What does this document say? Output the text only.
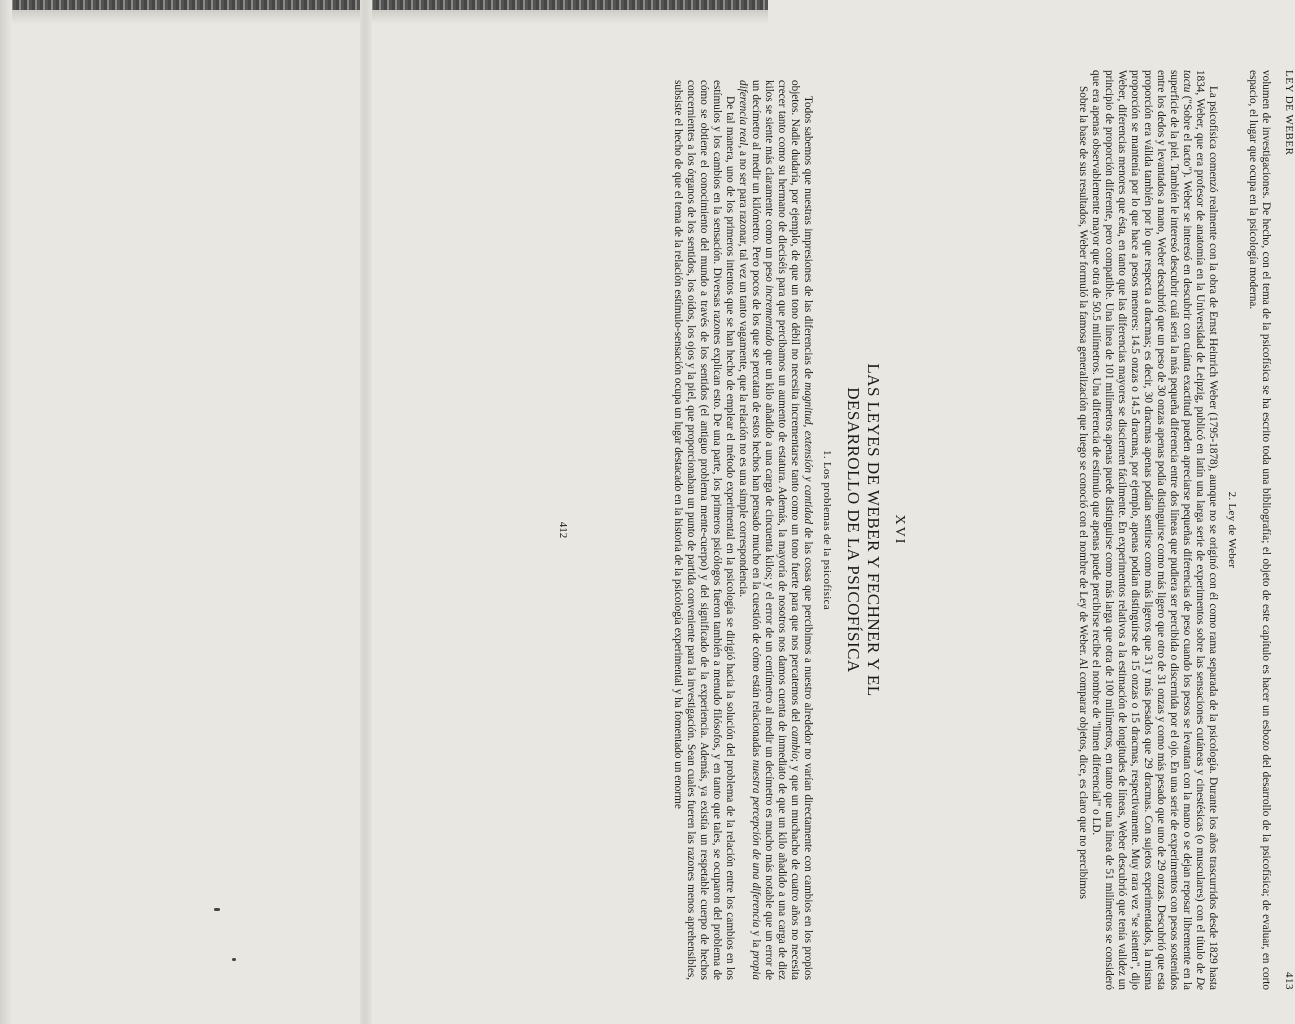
XVI
LAS LEYES DE WEBER Y FECHNER Y EL
DESARROLLO DE LA PSICOFÍSICA
1. Los problemas de la psicofísica

Todos sabemos que nuestras impresiones de las diferencias de magnitud, extensión y cantidad de las cosas que percibimos a nuestro alrededor no varían directamente con cambios en los propios objetos. Nadie dudaría, por ejemplo, de que un tono débil no necesita incrementarse tanto como un tono fuerte para que nos percatemos del cambio; y que un muchacho de cuatro años no necesita crecer tanto como su hermano de dieciséis para que percibamos un aumento de estatura. Además, la mayoría de nosotros nos damos cuenta de inmediato de que un kilo añadido a una carga de diez kilos se siente más claramente como un peso incrementado que un kilo añadido a una carga de cincuenta kilos; y el error de un centímetro al medir un decímetro es mucho más notable que un error de un decímetro al medir un kilómetro. Pero pocos de los que se percatan de estos hechos han pensado mucho en la cuestión de cómo están relacionadas nuestra percepción de una diferencia y la propia diferencia real, a no ser para razonar, tal vez un tanto vagamente, que la relación no es una simple correspondencia.

De tal manera, uno de los primeros intentos que se han hecho de emplear el método experimental en la psicología se dirigió hacia la solución del problema de la relación entre los cambios en los estímulos y los cambios en la sensación. Diversas razones explican esto. De una parte, los primeros psicólogos fueron también a menudo filósofos, y en tanto que tales, se ocuparon del problema de cómo se obtiene el conocimiento del mundo a través de los sentidos (el antiguo problema mente-cuerpo) y del significado de la experiencia. Además, ya existía un respetable cuerpo de hechos concernientes a los órganos de los sentidos, los oídos, los ojos y la piel, que proporcionaban un punto de partida conveniente para la investigación. Sean cuales fueren las razones menos aprehensibles, subsiste el hecho de que el tema de la relación estímulo-sensación ocupa un lugar destacado en la historia de la psicología experimental y ha fomentado un enorme

412
LEY DE WEBER
413

volumen de investigaciones. De hecho, con el tema de la psicofísica se ha escrito toda una bibliografía; el objeto de este capítulo es hacer un esbozo del desarrollo de la psicofísica; de evaluar, en corto espacio, el lugar que ocupa en la psicología moderna.

2. Ley de Weber

La psicofísica comenzó realmente con la obra de Ernst Heinrich Weber (1795-1878), aunque no se originó con él como rama separada de la psicología. Durante los años trascurridos desde 1829 hasta 1834, Weber, que era profesor de anatomía en la Universidad de Leipzig, publicó en latín una larga serie de experimentos sobre las sensaciones cutáneas y cinestésicas (o musculares) con el título de De tactu ("Sobre el tacto"). Weber se interesó en descubrir con cuánta exactitud pueden apreciarse pequeñas diferencias de peso cuando los pesos se levantan con la mano o se dejan reposar libremente en la superficie de la piel. También le interesó descubrir cuál sería la más pequeña diferencia entre dos líneas que pudiera ser percibida o discernida por el ojo. En una serie de experimentos con pesos sostenidos entre los dedos y levantados a mano, Weber descubrió que un peso de 30 onzas apenas podía distinguirse como más ligero que otro de 31 onzas y como más pesado que uno de 29 onzas. Descubrió que esta proporción era válida también por lo que respecta a dracmas; es decir, 30 dracmas apenas podían sentirse como más ligeros que 31 y más pesados que 29 dracmas. Con sujetos experimentados, la misma proporción se mantenía por lo que hace a pesos menores: 14.5 onzas o 14.5 dracmas, por ejemplo, apenas podían distinguirse de 15 onzas o 15 dracmas, respectivamente. Muy rara vez "se sienten", dijo Weber, diferencias menores que ésta, en tanto que las diferencias mayores se disciernen fácilmente. En experimentos relativos a la estimación de longitudes de líneas, Weber descubrió que tenía validez un principio de proporción diferente, pero compatible. Una línea de 101 milímetros apenas puede distinguirse como más larga que otra de 100 milímetros, en tanto que una línea de 51 milímetros se consideró que era apenas observablemente mayor que otra de 50.5 milímetros. Una diferencia de estímulo que apenas puede percibirse recibe el nombre de "limen diferencial" o LD.

Sobre la base de sus resultados, Weber formuló la famosa generalización que luego se conoció con el nombre de Ley de Weber. Al comparar objetos, dice, es claro que no percibimos
